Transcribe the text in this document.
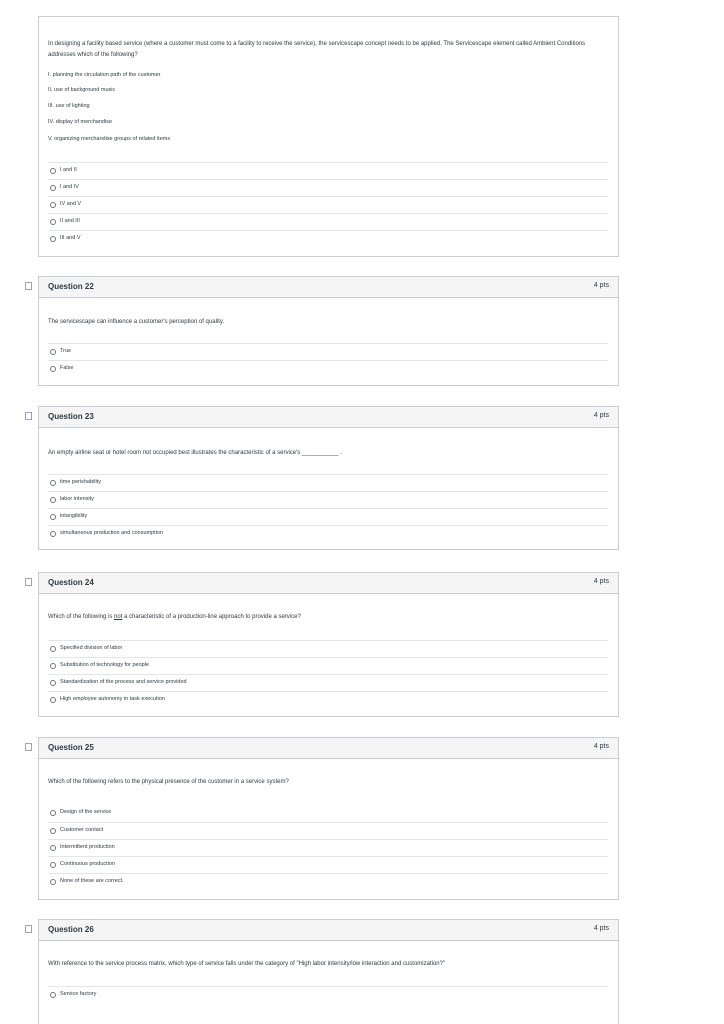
In designing a facility based service (where a customer must come to a facility to receive the service), the servicescape concept needs to be applied. The Servicescape element called Ambient Conditions addresses which of the following?
I. planning the circulation path of the customer
II. use of background music
III. use of lighting
IV. display of merchandise
V. organizing merchandise groups of related items
I and II
I and IV
IV and V
II and III
III and V
Question 22	4 pts
The servicescape can influence a customer's perception of quality.
True
False
Question 23	4 pts
An empty airline seat or hotel room not occupied best illustrates the characteristic of a service's ___________ .
time perishability
labor intensity
intangibility
simultaneous production and consumption
Question 24	4 pts
Which of the following is not a characteristic of a production-line approach to provide a service?
Specified division of labor
Substitution of technology for people
Standardization of the process and service provided
High employee autonomy in task execution
Question 25	4 pts
Which of the following refers to the physical presence of the customer in a service system?
Design of the service
Customer contact
Intermittent production
Continuous production
None of these are correct.
Question 26	4 pts
With reference to the service process matrix, which type of service falls under the category of "High labor intensity/low interaction and customization?"
Service factory
